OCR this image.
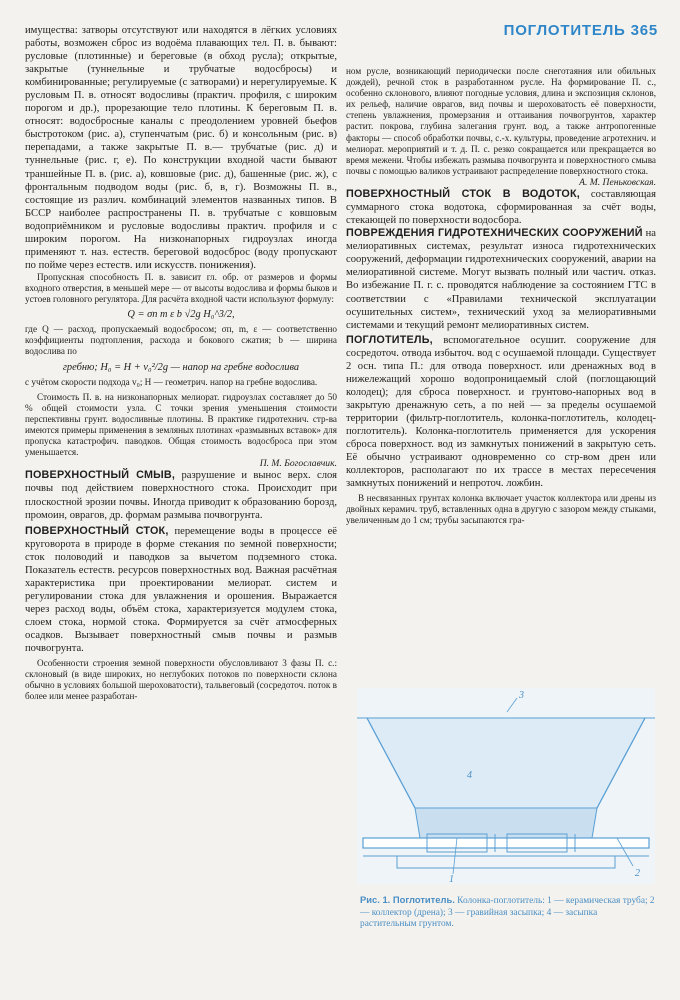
ПОГЛОТИТЕЛЬ 365

имущества: затворы отсутствуют или находятся в лёгких условиях работы, возможен сброс из водоёма плавающих тел. П. в. бывают: русловые (плотинные) и береговые (в обход русла); открытые, закрытые (туннельные и трубчатые водосбросы) и комбинированные; регулируемые (с затворами) и нерегулируемые. К русловым П. в. относят водосливы (практич. профиля, с широким порогом и др.), прорезающие тело плотины. К береговым П. в. относят: водосбросные каналы с преодолением уровней бьефов быстротоком (рис. а), ступенчатым (рис. б) и консольным (рис. в) перепадами, а также закрытые П. в.— трубчатые (рис. д) и туннельные (рис. г, е). По конструкции входной части бывают траншейные П. в. (рис. а), ковшовые (рис. д), башенные (рис. ж), с фронтальным подводом воды (рис. б, в, г). Возможны П. в., состоящие из различ. комбинаций элементов названных типов. В БССР наиболее распространены П. в. трубчатые с ковшовым водоприёмником и русловые водосливы практич. профиля и с широким порогом. На низконапорных гидроузлах иногда применяют т. наз. естеств. береговой водосброс (воду пропускают по пойме через естеств. или искусств. понижения).

Пропускная способность П. в. зависит гл. обр. от размеров и формы входного отверстия, в меньшей мере — от высоты водослива и формы быков и устоев головного регулятора. Для расчёта входной части используют формулу:

Q = σп m ε b √2g H₀^3/2,
где Q — расход, пропускаемый водосбросом; σп, m, ε — соответственно коэффициенты подтопления, расхода и бокового сжатия; b — ширина водослива по
гребню; H₀ = H + v₀²/2g — напор на гребне водослива
с учётом скорости подхода v₀; H — геометрич. напор на гребне водослива.

Стоимость П. в. на низконапорных мелиорат. гидроузлах составляет до 50 % общей стоимости узла. С точки зрения уменьшения стоимости перспективны грунт. водосливные плотины. В практике гидротехнич. стр-ва имеются примеры применения в земляных плотинах «размывных вставок» для пропуска катастрофич. паводков. Общая стоимость водосброса при этом уменьшается.

П. М. Богославчик.

ПОВЕРХНОСТНЫЙ СМЫВ, разрушение и вынос верх. слоя почвы под действием поверхностного стока. Происходит при плоскостной эрозии почвы. Иногда приводит к образованию борозд, промоин, оврагов, др. формам размыва почвогрунта.

ПОВЕРХНОСТНЫЙ СТОК, перемещение воды в процессе её круговорота в природе в форме стекания по земной поверхности; сток половодий и паводков за вычетом подземного стока. Показатель естеств. ресурсов поверхностных вод. Важная расчётная характеристика при проектировании мелиорат. систем и регулировании стока для увлажнения и орошения. Выражается через расход воды, объём стока, характеризуется модулем стока, слоем стока, нормой стока. Формируется за счёт атмосферных осадков. Вызывает поверхностный смыв почвы и размыв почвогрунта.

Особенности строения земной поверхности обусловливают 3 фазы П. с.: склоновый (в виде широких, но неглубоких потоков по поверхности склона обычно в условиях большой шероховатости), тальвеговый (сосредоточ. поток в более или менее разработан-

ном русле, возникающий периодически после снеготаяния или обильных дождей), речной сток в разработанном русле. На формирование П. с., особенно склонового, влияют погодные условия, длина и экспозиция склонов, их рельеф, наличие оврагов, вид почвы и шероховатость её поверхности, степень увлажнения, промерзания и оттаивания почвогрунтов, характер растит. покрова, глубина залегания грунт. вод, а также антропогенные факторы — способ обработки почвы, с.-х. культуры, проведение агротехнич. и мелиорат. мероприятий и т. д. П. с. резко сокращается или прекращается во время межени. Чтобы избежать размыва почвогрунта и поверхностного смыва почвы с помощью валиков устраивают распределение поверхностного стока.

А. М. Пеньковская.

ПОВЕРХНОСТНЫЙ СТОК В ВОДОТОК, составляющая суммарного стока водотока, сформированная за счёт воды, стекающей по поверхности водосбора.

ПОВРЕЖДЕНИЯ ГИДРОТЕХНИЧЕСКИХ СООРУЖЕНИЙ на мелиоративных системах, результат износа гидротехнических сооружений, деформации гидротехнических сооружений, аварии на мелиоративной системе. Могут вызвать полный или частич. отказ. Во избежание П. г. с. проводятся наблюдение за состоянием ГТС в соответствии с «Правилами технической эксплуатации осушительных систем», технический уход за мелиоративными системами и текущий ремонт мелиоративных систем.

ПОГЛОТИТЕЛЬ, вспомогательное осушит. сооружение для сосредоточ. отвода избыточ. вод с осушаемой площади. Существует 2 осн. типа П.: для отвода поверхност. или дренажных вод в нижележащий хорошо водопроницаемый слой (поглощающий колодец); для сброса поверхност. и грунтово-напорных вод в закрытую дренажную сеть, а по ней — за пределы осушаемой территории (фильтр-поглотитель, колонка-поглотитель, колодец-поглотитель). Колонка-поглотитель применяется для ускорения сброса поверхност. вод из замкнутых понижений в закрытую сеть. Её обычно устраивают одновременно со стр-вом дрен или коллекторов, располагают по их трассе в местах пересечения замкнутых понижений и непроточ. ложбин.

В несвязанных грунтах колонка включает участок коллектора или дрены из двойных керамич. труб, вставленных одна в другую с зазором между стыками, увеличенным до 1 см; трубы засыпаются гра-

3
4
2
1
Рис. 1. Поглотитель. Колонка-поглотитель: 1 — керамическая труба; 2 — коллектор (дрена); 3 — гравийная засыпка; 4 — засыпка растительным грунтом.
